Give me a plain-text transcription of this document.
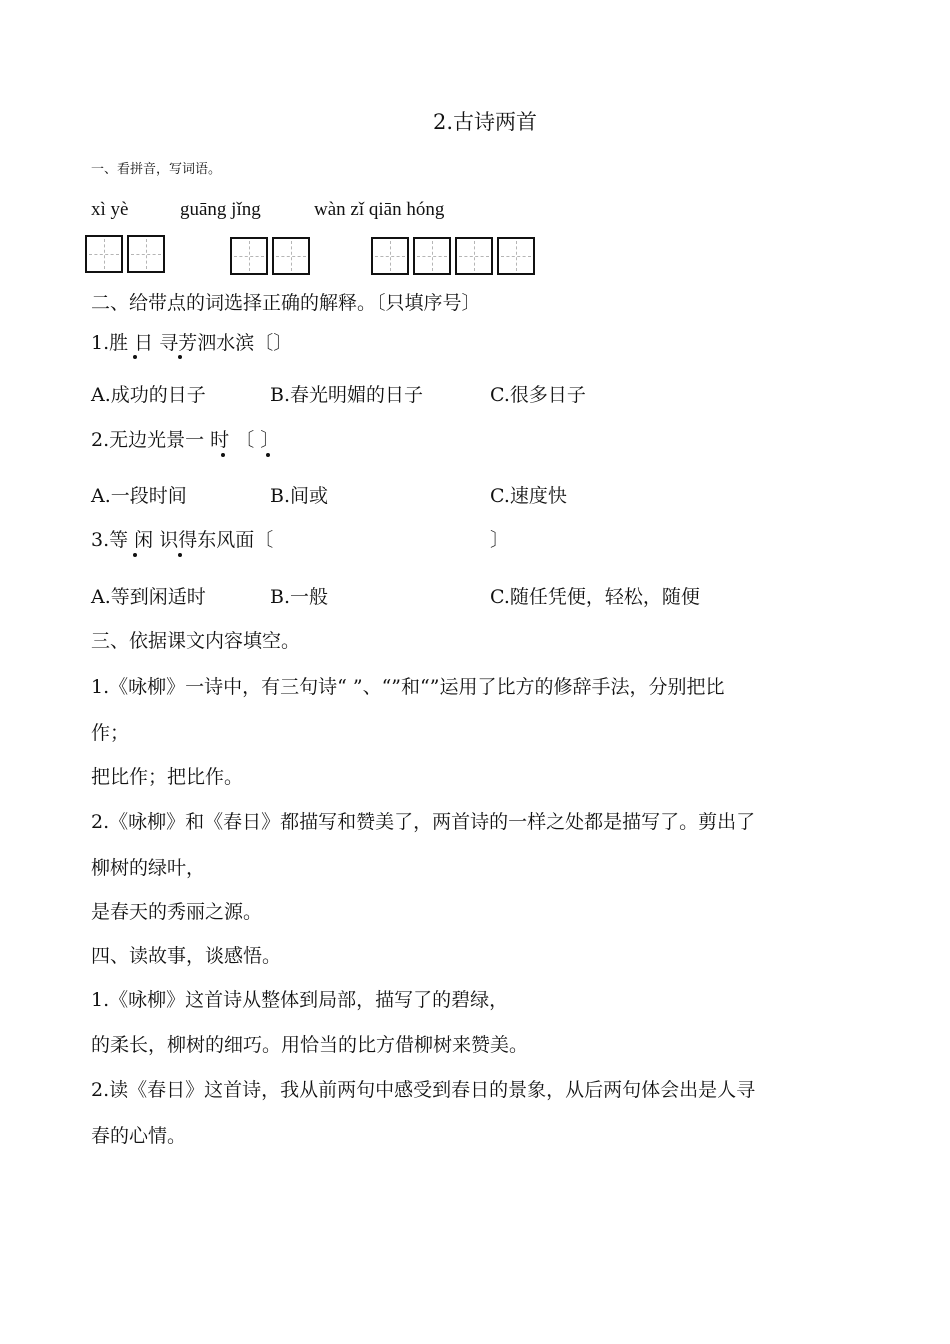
2.古诗两首
一、看拼音，写词语。
xì yè	guāng jǐng	wàn zǐ qiān hóng
二、给带点的词选择正确的解释。〔只填序号〕
1.胜 日 寻芳泗水滨〔〕
A.成功的日子	B.春光明媚的日子	C.很多日子
2.无边光景一 时 〔 〕
A.一段时间	B.间或	C.速度快
3.等 闲 识得东风面〔	〕
A.等到闲适时	B.一般	C.随任凭便，轻松，随便
三、依据课文内容填空。
1.《咏柳》一诗中，有三句诗“ ”、“”和“”运用了比方的修辞手法，分别把比
作；
把比作；把比作。
2.《咏柳》和《春日》都描写和赞美了，两首诗的一样之处都是描写了。剪出了
柳树的绿叶，
是春天的秀丽之源。
四、读故事，谈感悟。
1.《咏柳》这首诗从整体到局部，描写了的碧绿，
的柔长，柳树的细巧。用恰当的比方借柳树来赞美。
2.读《春日》这首诗，我从前两句中感受到春日的景象，从后两句体会出是人寻
春的心情。
